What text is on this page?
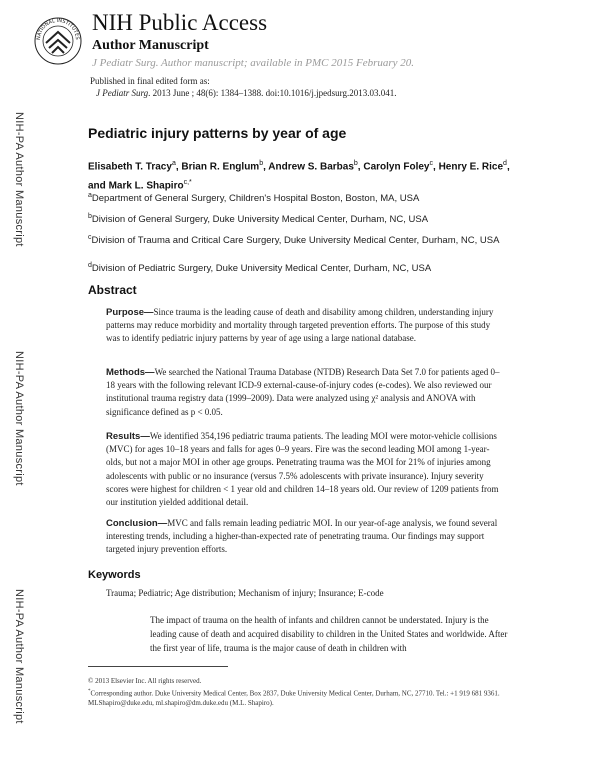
NIH-PA Author Manuscript
NIH-PA Author Manuscript
NIH-PA Author Manuscript
NATIONAL INSTITUTES
NIH Public Access
Author Manuscript
J Pediatr Surg. Author manuscript; available in PMC 2015 February 20.
Published in final edited form as:
J Pediatr Surg. 2013 June ; 48(6): 1384–1388. doi:10.1016/j.jpedsurg.2013.03.041.
Pediatric injury patterns by year of age
Elisabeth T. Tracy$^a$, Brian R. Englum$^b$, Andrew S. Barbas$^b$, Carolyn Foley$^c$, Henry E. Rice$^d$, and Mark L. Shapiro$^{c,*}$
$^a$Department of General Surgery, Children's Hospital Boston, Boston, MA, USA
$^b$Division of General Surgery, Duke University Medical Center, Durham, NC, USA
$^c$Division of Trauma and Critical Care Surgery, Duke University Medical Center, Durham, NC, USA
$^d$Division of Pediatric Surgery, Duke University Medical Center, Durham, NC, USA
Abstract
Purpose—Since trauma is the leading cause of death and disability among children, understanding injury patterns may reduce morbidity and mortality through targeted prevention efforts. The purpose of this study was to identify pediatric injury patterns by year of age using a large national database.
Methods—We searched the National Trauma Database (NTDB) Research Data Set 7.0 for patients aged 0–18 years with the following relevant ICD-9 external-cause-of-injury codes (e-codes). We also reviewed our institutional trauma registry data (1999–2009). Data were analyzed using χ² analysis and ANOVA with significance defined as p < 0.05.
Results—We identified 354,196 pediatric trauma patients. The leading MOI were motor-vehicle collisions (MVC) for ages 10–18 years and falls for ages 0–9 years. Fire was the second leading MOI among 1-year-olds, but not a major MOI in other age groups. Penetrating trauma was the MOI for 21% of injuries among adolescents with public or no insurance (versus 7.5% adolescents with private insurance). Injury severity scores were highest for children < 1 year old and children 14–18 years old. Our review of 1209 patients from our institution yielded additional detail.
Conclusion—MVC and falls remain leading pediatric MOI. In our year-of-age analysis, we found several interesting trends, including a higher-than-expected rate of penetrating trauma. Our findings may support targeted injury prevention efforts.
Keywords
Trauma; Pediatric; Age distribution; Mechanism of injury; Insurance; E-code
The impact of trauma on the health of infants and children cannot be understated. Injury is the leading cause of death and acquired disability to children in the United States and worldwide. After the first year of life, trauma is the major cause of death in children with
© 2013 Elsevier Inc. All rights reserved.
*Corresponding author. Duke University Medical Center, Box 2837, Duke University Medical Center, Durham, NC, 27710. Tel.: +1 919 681 9361. MLShapiro@duke.edu, ml.shapiro@dm.duke.edu (M.L. Shapiro).
